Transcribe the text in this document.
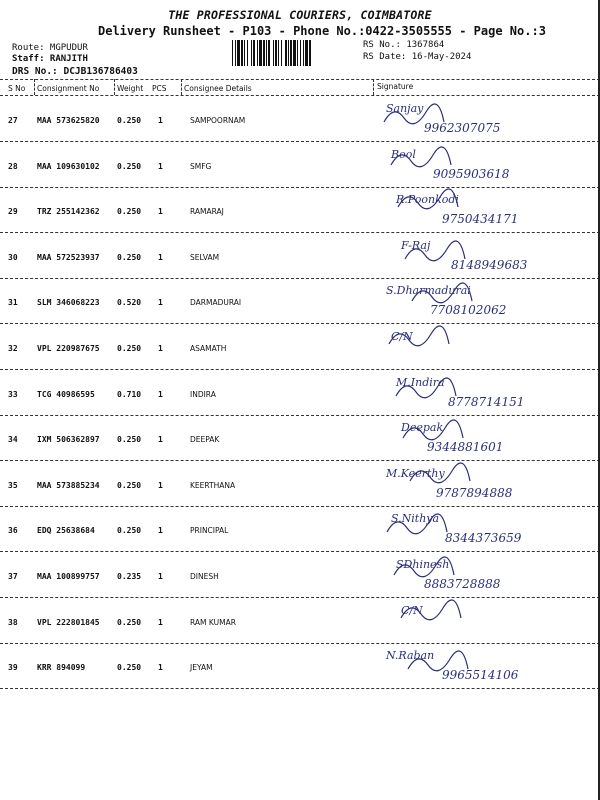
THE PROFESSIONAL COURIERS, COIMBATORE
Delivery Runsheet - P103 - Phone No.:0422-3505555 - Page No.:3
Route: MGPUDUR
Staff: RANJITH
DRS No.: DCJB136786403
RS No.: 1367864
RS Date: 16-May-2024
S No Consignment No Weight PCS Consignee Details	Signature
27 MAA 573625820 0.250 1	SAMPOORNAM
Sanjay
9962307075
28 MAA 109630102 0.250 1	SMFG
Bool
9095903618
29 TRZ 255142362 0.250 1	RAMARAJ
R.Poonkodi
9750434171
30 MAA 572523937 0.250 1	SELVAM
F-Raj
8148949683
31 SLM 346068223 0.520 1	DARMADURAI
S.Dharmadurai
7708102062
32 VPL 220987675 0.250 1	ASAMATH
C/N
33 TCG 40986595	0.710 1	INDIRA
M.Indira
8778714151
34 IXM 506362897 0.250 1	DEEPAK
Deepak
9344881601
35 MAA 573885234 0.250 1	KEERTHANA
M.Keerthy
9787894888
36 EDQ 25638684	0.250 1	PRINCIPAL
S.Nithya
8344373659
37 MAA 100899757 0.235 1	DINESH
SDhinesh
8883728888
38 VPL 222801845 0.250 1	RAM KUMAR
C/N
39 KRR 894099	0.250 1	JEYAM
N.Raban
9965514106
